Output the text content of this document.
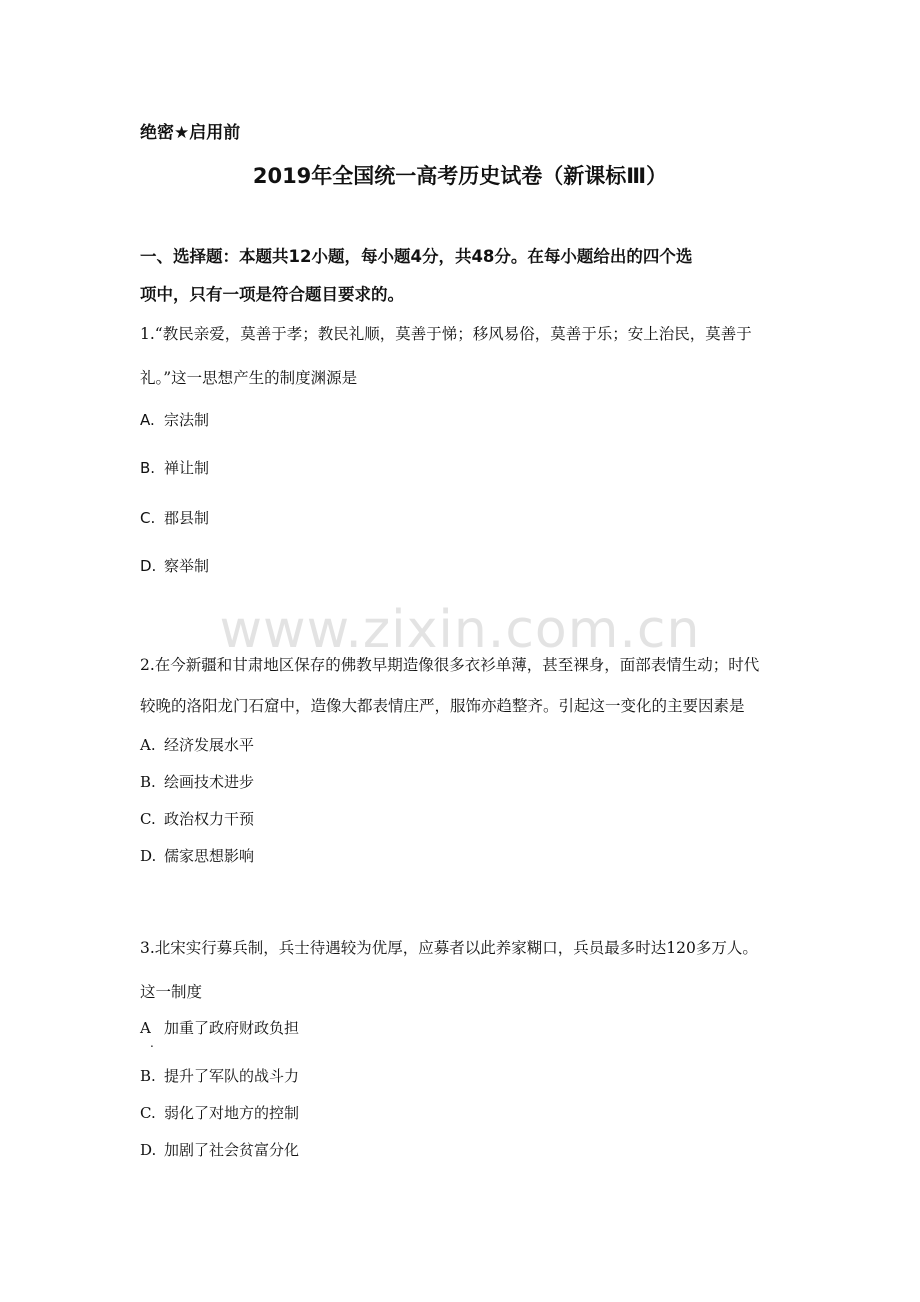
www.zixin.com.cn
绝密★启用前
2019年全国统一高考历史试卷（新课标Ⅲ）
一、选择题：本题共12小题，每小题4分，共48分。在每小题给出的四个选
项中，只有一项是符合题目要求的。
1.“教民亲爱，莫善于孝；教民礼顺，莫善于悌；移风易俗，莫善于乐；安上治民，莫善于
礼。”这一思想产生的制度渊源是
A. 宗法制
B. 禅让制
C. 郡县制
D. 察举制
2.在今新疆和甘肃地区保存的佛教早期造像很多衣衫单薄，甚至裸身，面部表情生动；时代
较晚的洛阳龙门石窟中，造像大都表情庄严，服饰亦趋整齐。引起这一变化的主要因素是
A. 经济发展水平
B. 绘画技术进步
C. 政治权力干预
D. 儒家思想影响
3.北宋实行募兵制，兵士待遇较为优厚，应募者以此养家糊口，兵员最多时达120多万人。
这一制度
A 加重了政府财政负担
.
B. 提升了军队的战斗力
C. 弱化了对地方的控制
D. 加剧了社会贫富分化
